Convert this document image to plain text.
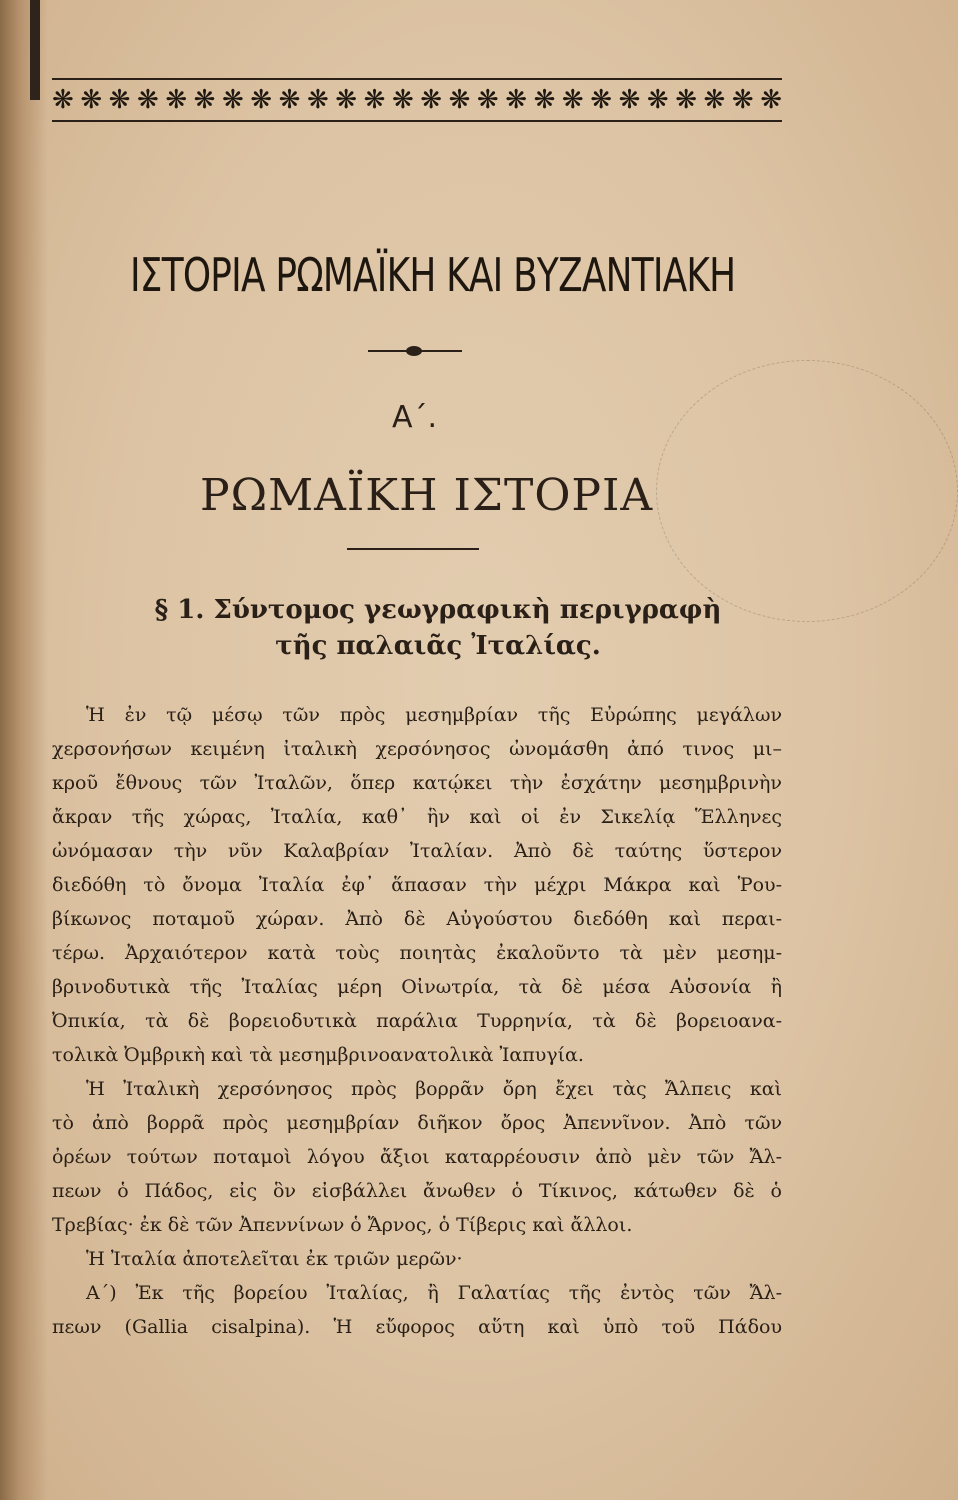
❋ ❋ ❋ ❋ ❋ ❋ ❋ ❋ ❋ ❋ ❋ ❋ ❋ ❋ ❋ ❋ ❋ ❋ ❋ ❋ ❋ ❋ ❋ ❋ ❋ ❋
ΙΣΤΟΡΙΑ ΡΩΜΑΪΚΗ ΚΑΙ ΒΥΖΑΝΤΙΑΚΗ
Α΄.
ΡΩΜΑΪΚΗ ΙΣΤΟΡΙΑ
§ 1. Σύντομος γεωγραφικὴ περιγραφὴ
τῆς παλαιᾶς Ἰταλίας.
Ἡ ἐν τῷ μέσῳ τῶν πρὸς μεσημβρίαν τῆς Εὐρώπης μεγάλων
χερσονήσων κειμένη ἰταλικὴ χερσόνησος ὠνομάσθη ἀπό τινος μι–
κροῦ ἔθνους τῶν Ἰταλῶν, ὅπερ κατῴκει τὴν ἐσχάτην μεσημβρινὴν
ἄκραν τῆς χώρας, Ἰταλία, καθ᾽ ἣν καὶ οἱ ἐν Σικελίᾳ Ἕλληνες
ὠνόμασαν τὴν νῦν Καλαβρίαν Ἰταλίαν. Ἀπὸ δὲ ταύτης ὕστερον
διεδόθη τὸ ὄνομα Ἰταλία ἐφ᾽ ἅπασαν τὴν μέχρι Μάκρα καὶ Ῥου-
βίκωνος ποταμοῦ χώραν. Ἀπὸ δὲ Αὐγούστου διεδόθη καὶ περαι-
τέρω. Ἀρχαιότερον κατὰ τοὺς ποιητὰς ἐκαλοῦντο τὰ μὲν μεσημ-
βρινοδυτικὰ τῆς Ἰταλίας μέρη Οἰνωτρία, τὰ δὲ μέσα Αὐσονία ἢ
Ὀπικία, τὰ δὲ βορειοδυτικὰ παράλια Τυρρηνία, τὰ δὲ βορειοανα-
τολικὰ Ὀμβρικὴ καὶ τὰ μεσημβρινοανατολικὰ Ἰαπυγία.
Ἡ Ἰταλικὴ χερσόνησος πρὸς βορρᾶν ὄρη ἔχει τὰς Ἄλπεις καὶ
τὸ ἀπὸ βορρᾶ πρὸς μεσημβρίαν διῆκον ὄρος Ἀπεννῖνον. Ἀπὸ τῶν
ὀρέων τούτων ποταμοὶ λόγου ἄξιοι καταρρέουσιν ἀπὸ μὲν τῶν Ἄλ-
πεων ὁ Πάδος, εἰς ὃν εἰσβάλλει ἄνωθεν ὁ Τίκινος, κάτωθεν δὲ ὁ
Τρεβίας· ἐκ δὲ τῶν Ἀπεννίνων ὁ Ἄρνος, ὁ Τίβερις καὶ ἄλλοι.
Ἡ Ἰταλία ἀποτελεῖται ἐκ τριῶν μερῶν·
Α΄) Ἐκ τῆς βορείου Ἰταλίας, ἢ Γαλατίας τῆς ἐντὸς τῶν Ἄλ-
πεων (Gallia cisalpina). Ἡ εὔφορος αὕτη καὶ ὑπὸ τοῦ Πάδου
